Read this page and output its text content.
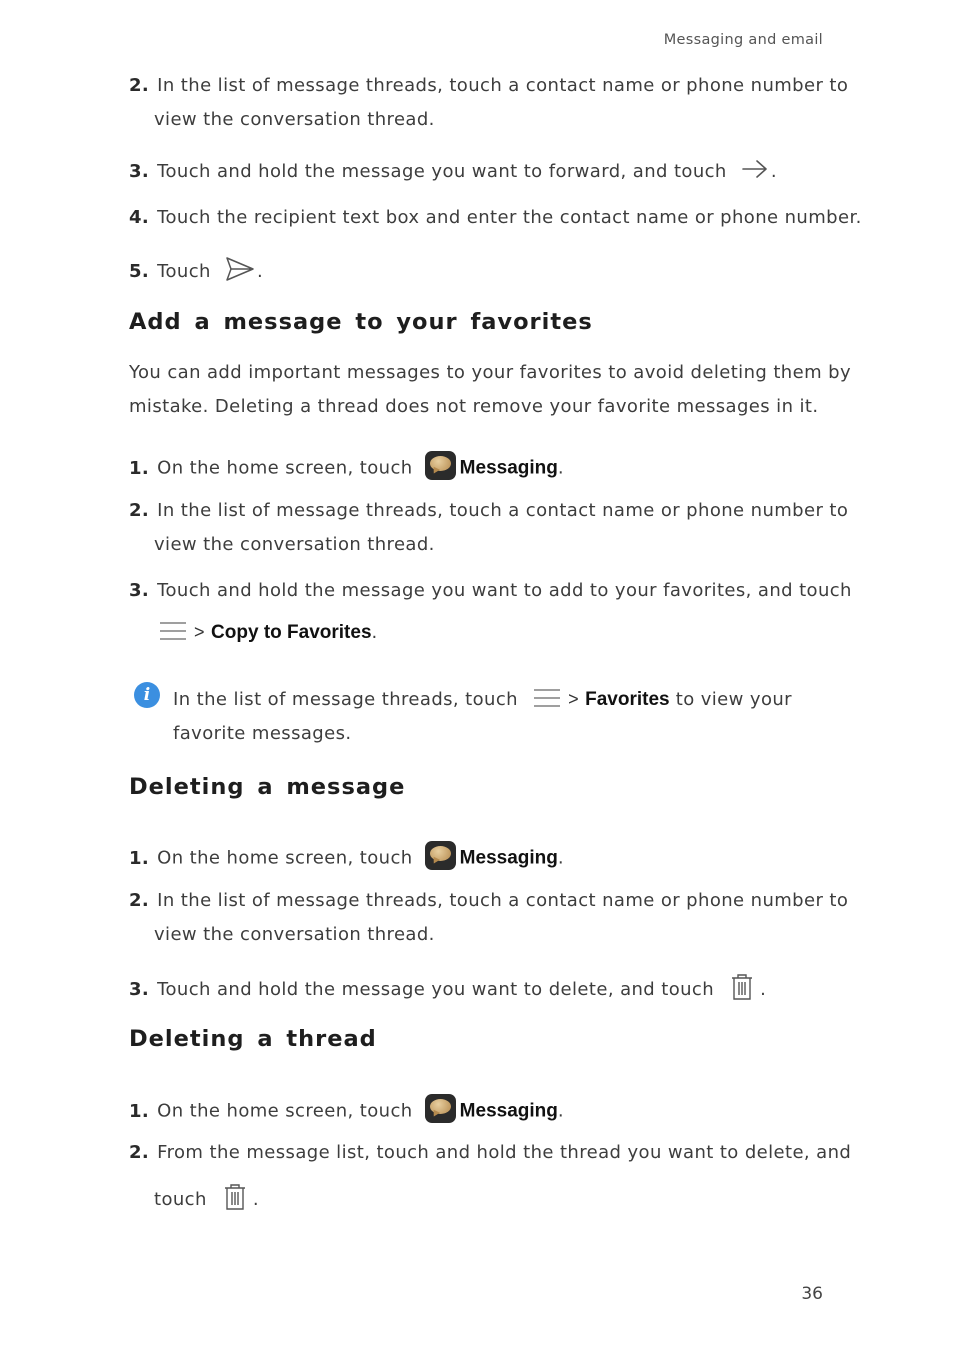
Messaging and email
2. In the list of message threads, touch a contact name or phone number to
view the conversation thread.
3. Touch and hold the message you want to forward, and touch .
4. Touch the recipient text box and enter the contact name or phone number.
5. Touch	.
Add a message to your favorites
You can add important messages to your favorites to avoid deleting them by
mistake. Deleting a thread does not remove your favorite messages in it.
1. On the home screen, touch Messaging.
2. In the list of message threads, touch a contact name or phone number to
view the conversation thread.
3. Touch and hold the message you want to add to your favorites, and touch
> Copy to Favorites.
i	In the list of message threads, touch	> Favorites to view your
favorite messages.
Deleting a message
1. On the home screen, touch Messaging.
2. In the list of message threads, touch a contact name or phone number to
view the conversation thread.
3. Touch and hold the message you want to delete, and touch	.
Deleting a thread
1. On the home screen, touch Messaging.
2. From the message list, touch and hold the thread you want to delete, and
touch	.
36
